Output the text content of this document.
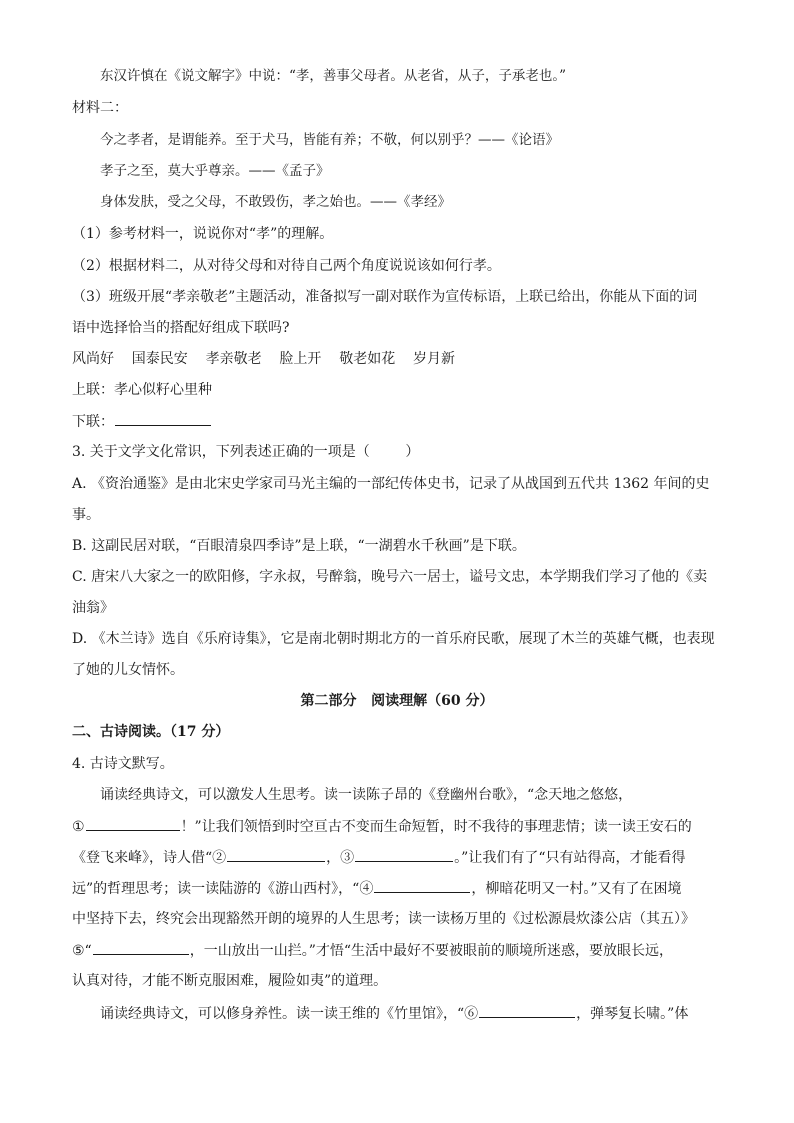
东汉许慎在《说文解字》中说：“孝，善事父母者。从老省，从子，子承老也。”
材料二：
今之孝者，是谓能养。至于犬马，皆能有养；不敬，何以别乎？——《论语》
孝子之至，莫大乎尊亲。——《孟子》
身体发肤，受之父母，不敢毁伤，孝之始也。——《孝经》
（1）参考材料一，说说你对“孝”的理解。
（2）根据材料二，从对待父母和对待自己两个角度说说该如何行孝。
（3）班级开展“孝亲敬老”主题活动，准备拟写一副对联作为宣传标语，上联已给出，你能从下面的词
语中选择恰当的搭配好组成下联吗?
风尚好    国泰民安    孝亲敬老    脸上开    敬老如花    岁月新
上联：孝心似籽心里种
下联：
3. 关于文学文化常识，下列表述正确的一项是（        ）
A. 《资治通鉴》是由北宋史学家司马光主编的一部纪传体史书，记录了从战国到五代共 1362 年间的史
事。
B. 这副民居对联，“百眼清泉四季诗”是上联，“一湖碧水千秋画”是下联。
C. 唐宋八大家之一的欧阳修，字永叔，号醉翁，晚号六一居士，谥号文忠，本学期我们学习了他的《卖
油翁》
D. 《木兰诗》选自《乐府诗集》，它是南北朝时期北方的一首乐府民歌，展现了木兰的英雄气概，也表现
了她的儿女情怀。
第二部分   阅读理解（60 分）
二、古诗阅读。（17 分）
4. 古诗文默写。
诵读经典诗文，可以激发人生思考。读一读陈子昂的《登幽州台歌》，“念天地之悠悠，
①	！”让我们领悟到时空亘古不变而生命短暂，时不我待的事理悲情；读一读王安石的
《登飞来峰》，诗人借“②	，③	。”让我们有了“只有站得高，才能看得
远”的哲理思考；读一读陆游的《游山西村》，“④	，柳暗花明又一村。”又有了在困境
中坚持下去，终究会出现豁然开朗的境界的人生思考；读一读杨万里的《过松源晨炊漆公店（其五）》
⑤“	，一山放出一山拦。”才悟“生活中最好不要被眼前的顺境所迷惑，要放眼长远，
认真对待，才能不断克服困难，履险如夷”的道理。
诵读经典诗文，可以修身养性。读一读王维的《竹里馆》，“⑥	，弹琴复长啸。”体
